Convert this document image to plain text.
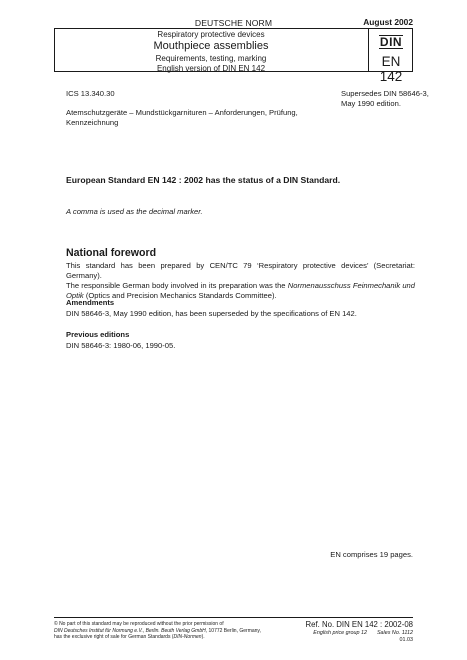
DEUTSCHE NORM	August 2002
Respiratory protective devices
Mouthpiece assemblies
Requirements, testing, marking
English version of DIN EN 142
DIN
EN 142
ICS 13.340.30	Supersedes DIN 58646-3,
May 1990 edition.
Atemschutzgeräte – Mundstückgarnituren – Anforderungen, Prüfung, Kennzeichnung
European Standard EN 142 : 2002 has the status of a DIN Standard.
A comma is used as the decimal marker.
National foreword
This standard has been prepared by CEN/TC 79 ‘Respiratory protective devices’ (Secretariat: Germany).
The responsible German body involved in its preparation was the Normenausschuss Feinmechanik und Optik (Optics and Precision Mechanics Standards Committee).
Amendments
DIN 58646-3, May 1990 edition, has been superseded by the specifications of EN 142.
Previous editions
DIN 58646-3: 1980-06, 1990-05.
EN comprises 19 pages.
© No part of this standard may be reproduced without the prior permission of
DIN Deutsches Institut für Normung e.V., Berlin. Beuth Verlag GmbH, 10772 Berlin, Germany,
has the exclusive right of sale for German Standards (DIN-Normen).
Ref. No. DIN EN 142 : 2002-08
English price group 12 Sales No. 1112
01.03
